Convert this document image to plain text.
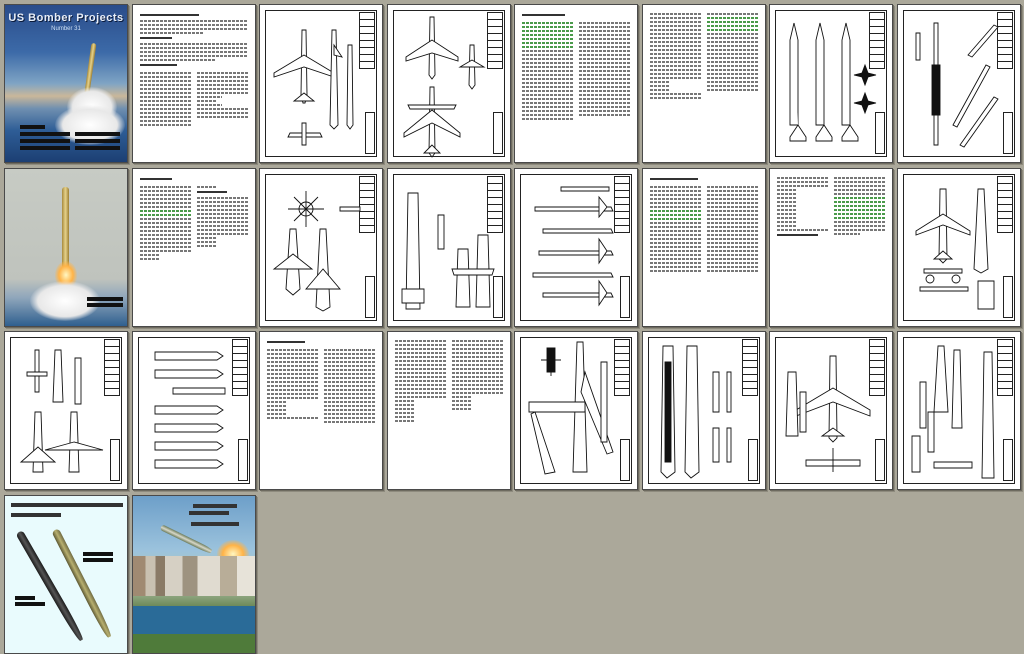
US Bomber Projects
Number 31
